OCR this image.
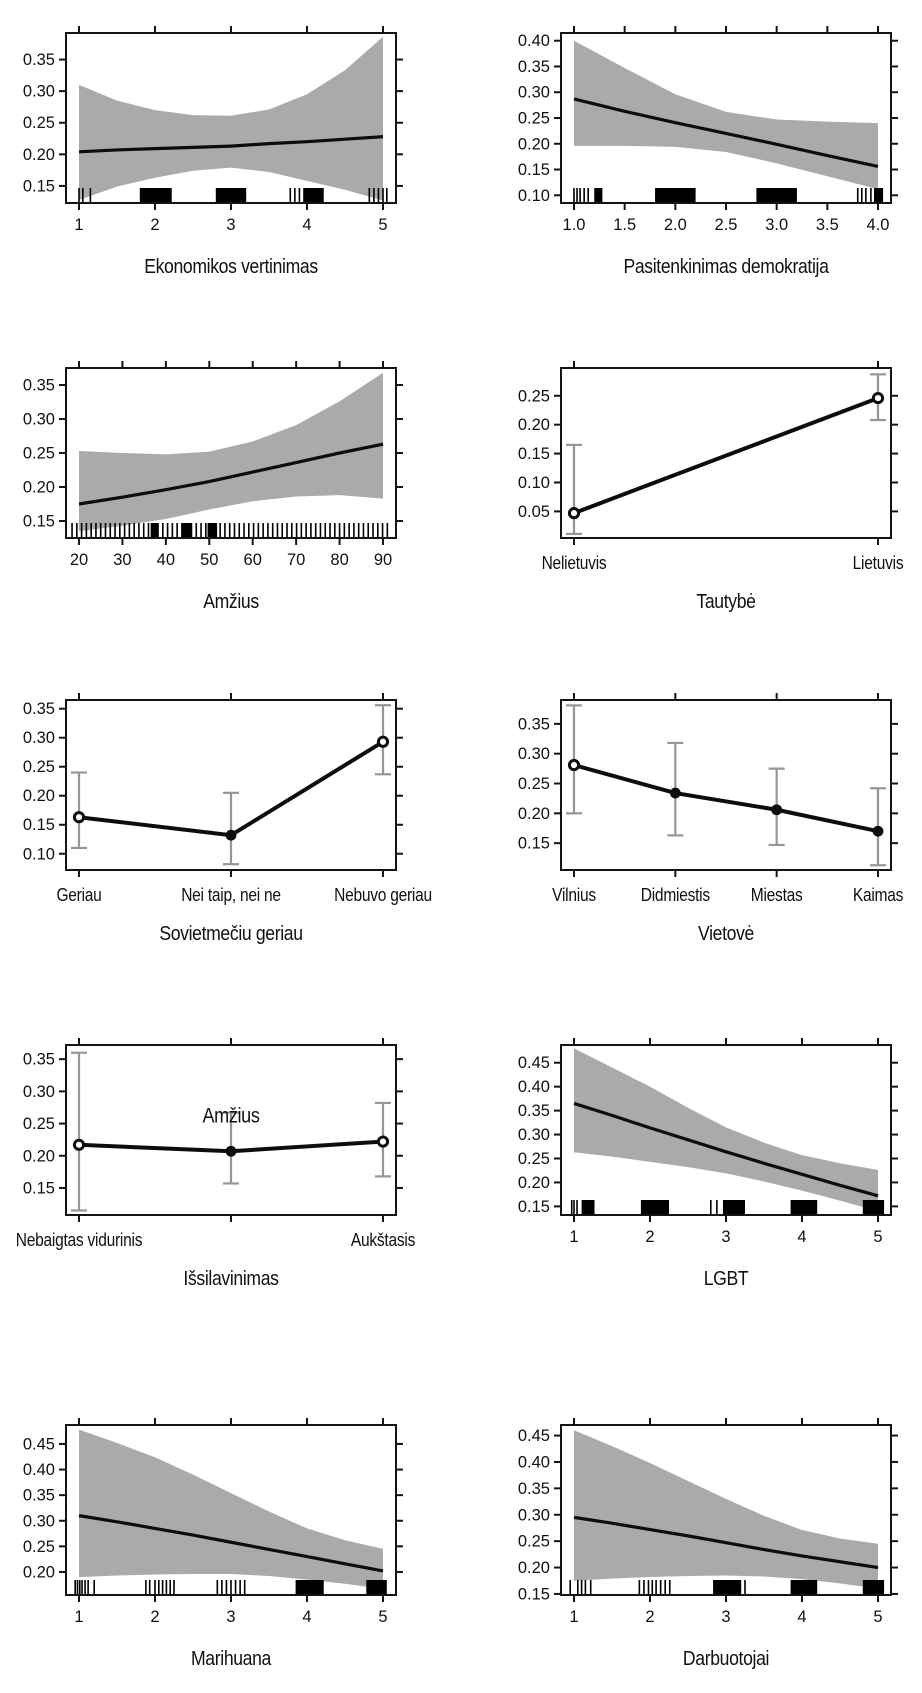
0.15
0.20
0.25
0.30
0.35
1	2	3	4	5
Ekonomikos vertinimas
0.10
0.15
0.20
0.25
0.30
0.35
0.40
1.0 1.5 2.0 2.5 3.0 3.5 4.0
Pasitenkinimas demokratija
0.15
0.20
0.25
0.30
0.35
20 30 40 50 60 70 80 90
Amžius
0.05
0.10
0.15
0.20
0.25
Nelietuvis	Lietuvis
Tautybė
0.10
0.15
0.20
0.25
0.30
0.35
Geriau	Nei taip, nei ne	Nebuvo geriau
Sovietmečiu geriau
0.15
0.20
0.25
0.30
0.35
Vilnius Didmiestis Miestas	Kaimas
Vietovė
0.15
0.20
0.25
0.30
0.35
Nebaigtas vidurinis	Aukštasis
Amžius
Išsilavinimas
0.15
0.20
0.25
0.30
0.35
0.40
0.45
1	2	3	4	5
LGBT
0.20
0.25
0.30
0.35
0.40
0.45
1	2	3	4	5
Marihuana
0.15
0.20
0.25
0.30
0.35
0.40
0.45
1	2	3	4	5
Darbuotojai
